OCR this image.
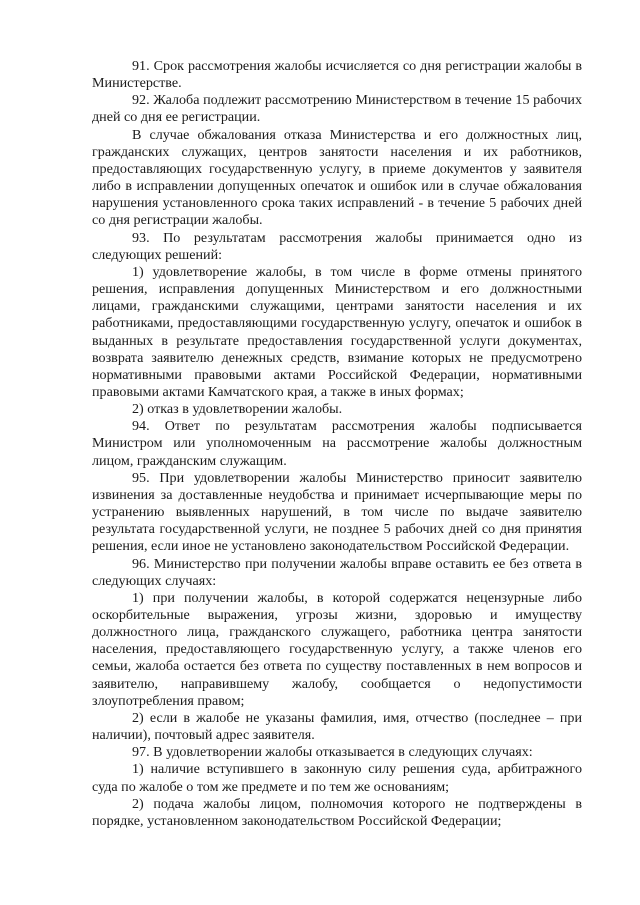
91. Срок рассмотрения жалобы исчисляется со дня регистрации жалобы в Министерстве.

92. Жалоба подлежит рассмотрению Министерством в течение 15 рабочих дней со дня ее регистрации.

В случае обжалования отказа Министерства и его должностных лиц, гражданских служащих, центров занятости населения и их работников, предоставляющих государственную услугу, в приеме документов у заявителя либо в исправлении допущенных опечаток и ошибок или в случае обжалования нарушения установленного срока таких исправлений - в течение 5 рабочих дней со дня регистрации жалобы.

93. По результатам рассмотрения жалобы принимается одно из следующих решений:

1) удовлетворение жалобы, в том числе в форме отмены принятого решения, исправления допущенных Министерством и его должностными лицами, гражданскими служащими, центрами занятости населения и их работниками, предоставляющими государственную услугу, опечаток и ошибок в выданных в результате предоставления государственной услуги документах, возврата заявителю денежных средств, взимание которых не предусмотрено нормативными правовыми актами Российской Федерации, нормативными правовыми актами Камчатского края, а также в иных формах;

2) отказ в удовлетворении жалобы.

94. Ответ по результатам рассмотрения жалобы подписывается Министром или уполномоченным на рассмотрение жалобы должностным лицом, гражданским служащим.

95. При удовлетворении жалобы Министерство приносит заявителю извинения за доставленные неудобства и принимает исчерпывающие меры по устранению выявленных нарушений, в том числе по выдаче заявителю результата государственной услуги, не позднее 5 рабочих дней со дня принятия решения, если иное не установлено законодательством Российской Федерации.

96. Министерство при получении жалобы вправе оставить ее без ответа в следующих случаях:

1) при получении жалобы, в которой содержатся нецензурные либо оскорбительные выражения, угрозы жизни, здоровью и имуществу должностного лица, гражданского служащего, работника центра занятости населения, предоставляющего государственную услугу, а также членов его семьи, жалоба остается без ответа по существу поставленных в нем вопросов и заявителю, направившему жалобу, сообщается о недопустимости злоупотребления правом;

2) если в жалобе не указаны фамилия, имя, отчество (последнее – при наличии), почтовый адрес заявителя.

97. В удовлетворении жалобы отказывается в следующих случаях:

1) наличие вступившего в законную силу решения суда, арбитражного суда по жалобе о том же предмете и по тем же основаниям;

2) подача жалобы лицом, полномочия которого не подтверждены в порядке, установленном законодательством Российской Федерации;
